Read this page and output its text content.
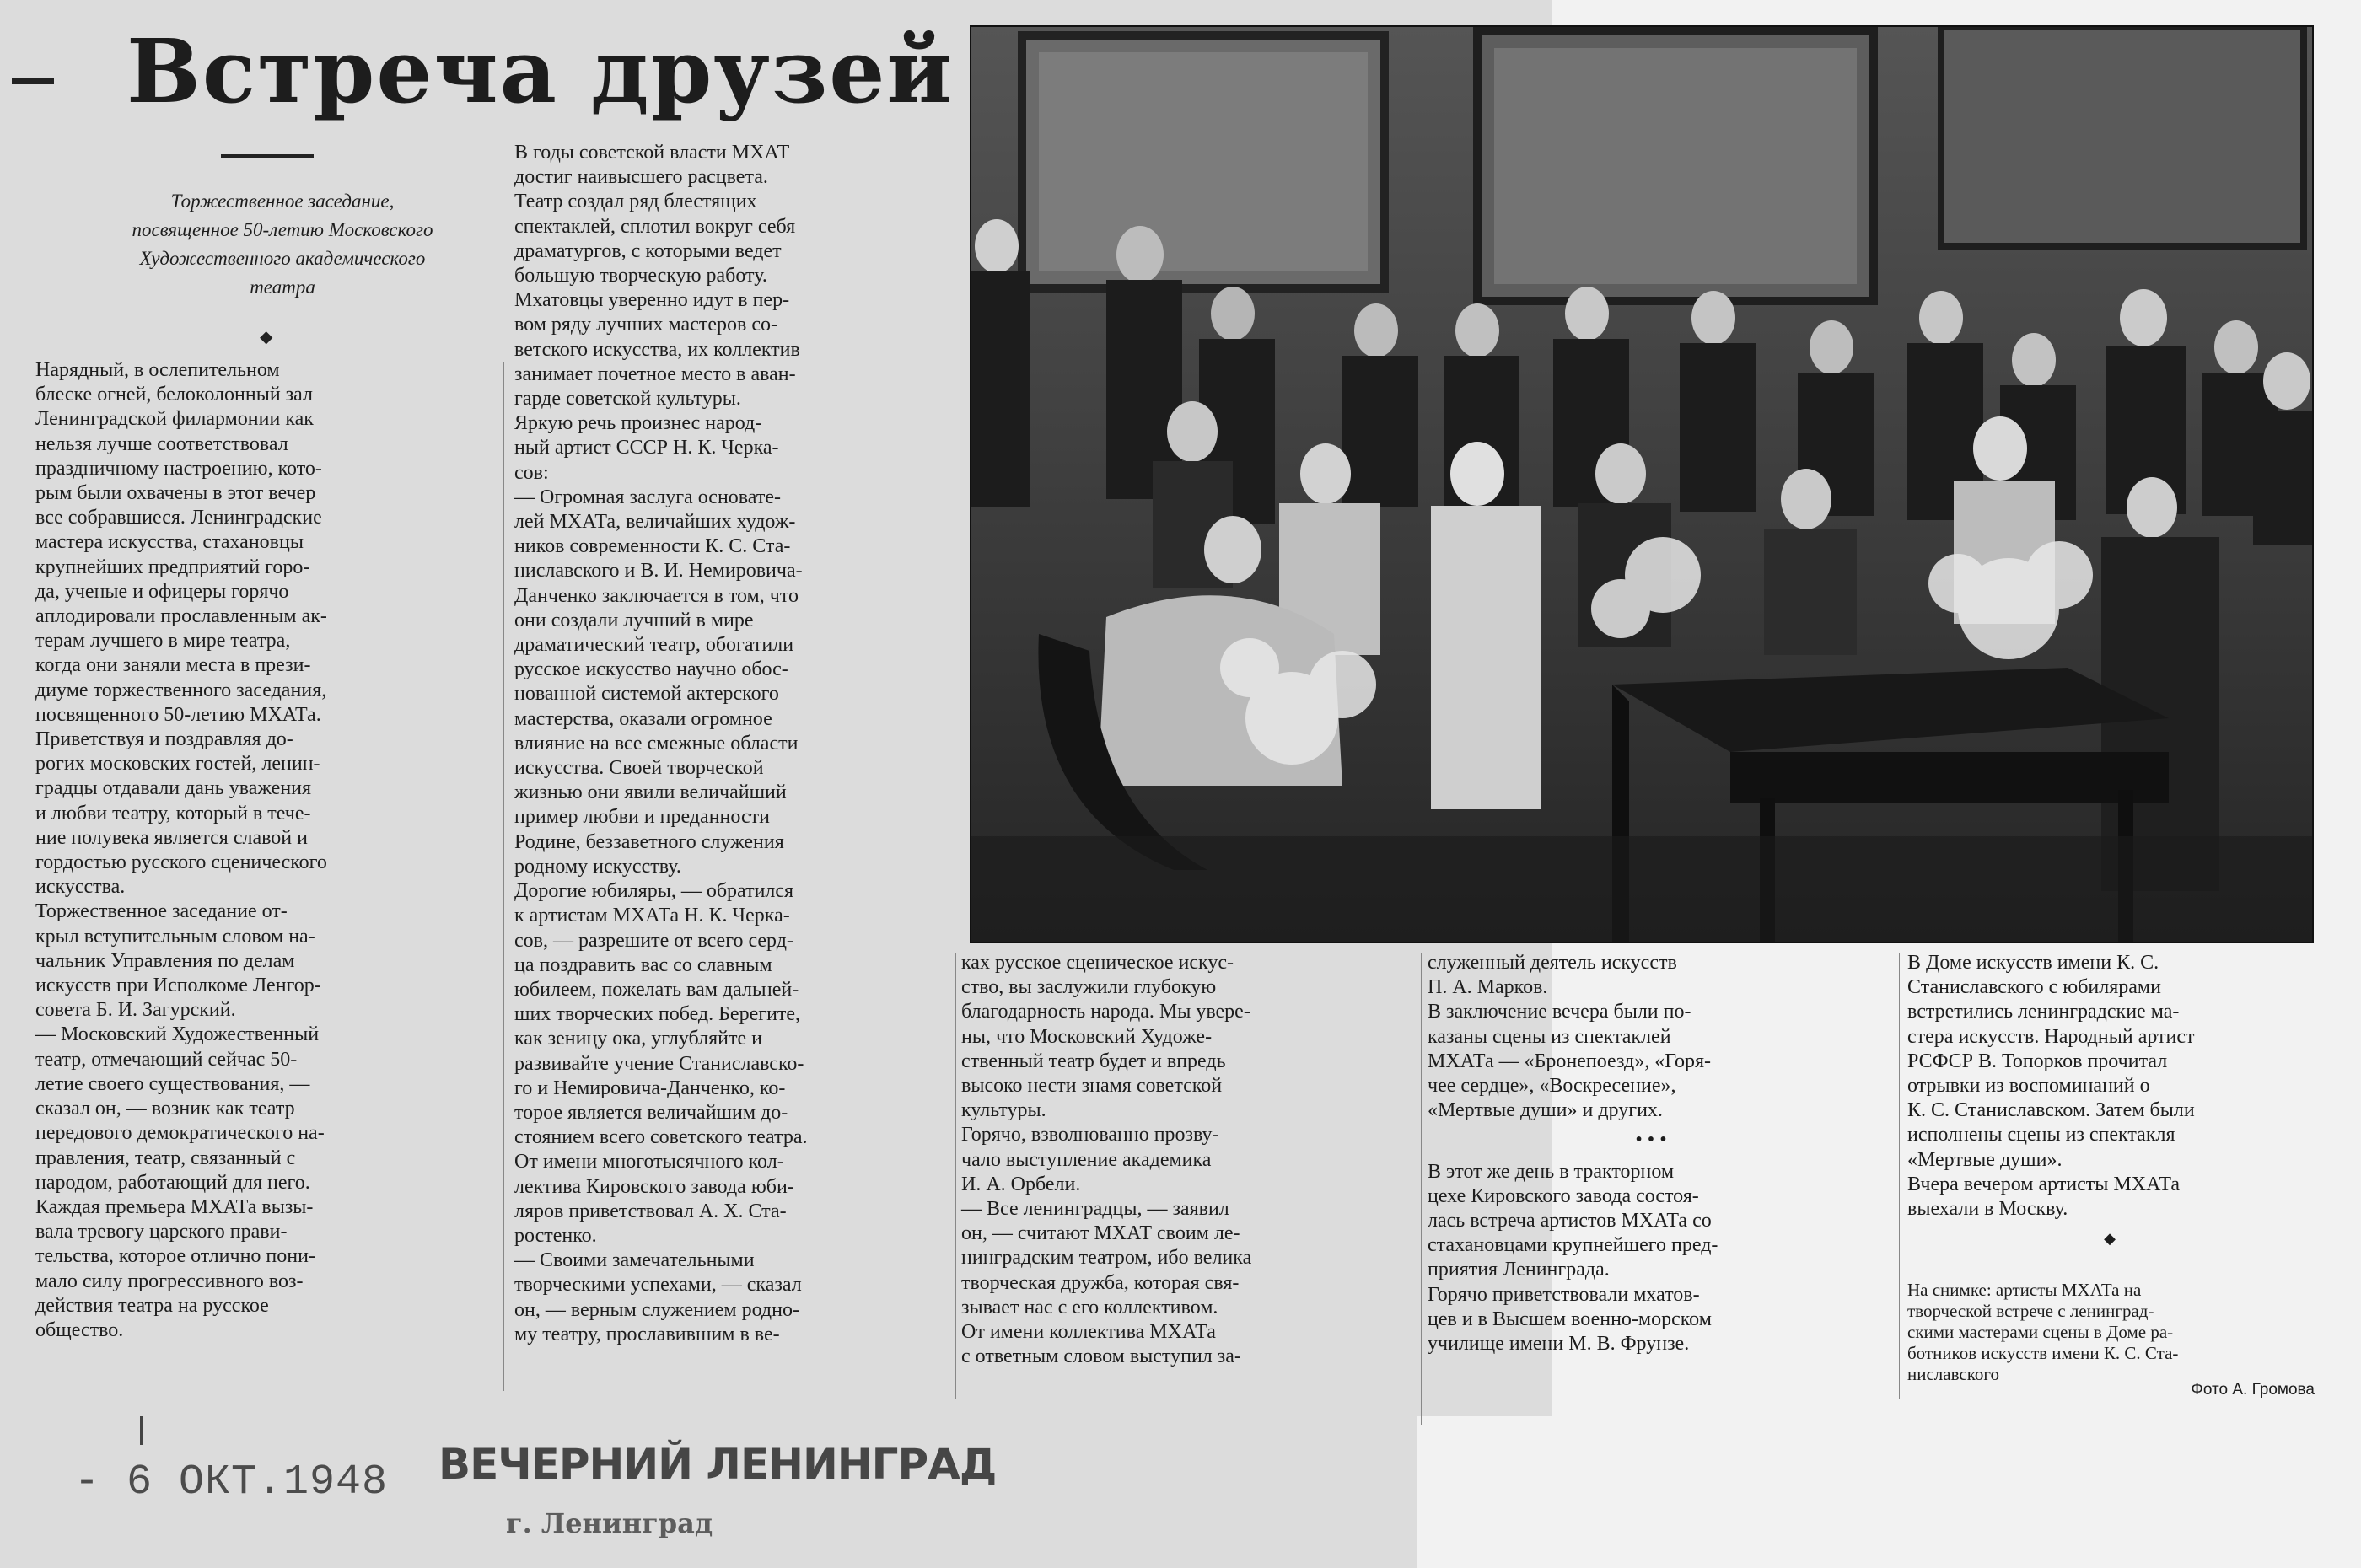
Встреча друзей
Торжественное заседание,
посвященное 50-летию Московского
Художественного академического
театра
◆

Нарядный, в ослепительном
блеске огней, белоколонный зал
Ленинградской филармонии как
нельзя лучше соответствовал
праздничному настроению, кото-
рым были охвачены в этот вечер
все собравшиеся. Ленинградские
мастера искусства, стахановцы
крупнейших предприятий горо-
да, ученые и офицеры горячо
аплодировали прославленным ак-
терам лучшего в мире театра,
когда они заняли места в прези-
диуме торжественного заседания,
посвященного 50-летию МХАТа.

Приветствуя и поздравляя до-
рогих московских гостей, ленин-
градцы отдавали дань уважения
и любви театру, который в тече-
ние полувека является славой и
гордостью русского сценического
искусства.

Торжественное заседание от-
крыл вступительным словом на-
чальник Управления по делам
искусств при Исполкоме Ленгор-
совета Б. И. Загурский.

— Московский Художественный
театр, отмечающий сейчас 50-
летие своего существования, —
сказал он, — возник как театр
передового демократического на-
правления, театр, связанный с
народом, работающий для него.
Каждая премьера МХАТа вызы-
вала тревогу царского прави-
тельства, которое отлично пони-
мало силу прогрессивного воз-
действия театра на русское
общество.

В годы советской власти МХАТ
достиг наивысшего расцвета.
Театр создал ряд блестящих
спектаклей, сплотил вокруг себя
драматургов, с которыми ведет
большую творческую работу.
Мхатовцы уверенно идут в пер-
вом ряду лучших мастеров со-
ветского искусства, их коллектив
занимает почетное место в аван-
гарде советской культуры.

Яркую речь произнес народ-
ный артист СССР Н. К. Черка-
сов:

— Огромная заслуга основате-
лей МХАТа, величайших худож-
ников современности К. С. Ста-
ниславского и В. И. Немировича-
Данченко заключается в том, что
они создали лучший в мире
драматический театр, обогатили
русское искусство научно обос-
нованной системой актерского
мастерства, оказали огромное
влияние на все смежные области
искусства. Своей творческой
жизнью они явили величайший
пример любви и преданности
Родине, беззаветного служения
родному искусству.

Дорогие юбиляры, — обратился
к артистам МХАТа Н. К. Черка-
сов, — разрешите от всего серд-
ца поздравить вас со славным
юбилеем, пожелать вам дальней-
ших творческих побед. Берегите,
как зеницу ока, углубляйте и
развивайте учение Станиславско-
го и Немировича-Данченко, ко-
торое является величайшим до-
стоянием всего советского театра.

От имени многотысячного кол-
лектива Кировского завода юби-
ляров приветствовал А. Х. Ста-
ростенко.

— Своими замечательными
творческими успехами, — сказал
он, — верным служением родно-
му театру, прославившим в ве-

ках русское сценическое искус-
ство, вы заслужили глубокую
благодарность народа. Мы увере-
ны, что Московский Художе-
ственный театр будет и впредь
высоко нести знамя советской
культуры.

Горячо, взволнованно прозву-
чало выступление академика
И. А. Орбели.

— Все ленинградцы, — заявил
он, — считают МХАТ своим ле-
нинградским театром, ибо велика
творческая дружба, которая свя-
зывает нас с его коллективом.

От имени коллектива МХАТа
с ответным словом выступил за-

служенный деятель искусств
П. А. Марков.

В заключение вечера были по-
казаны сцены из спектаклей
МХАТа — «Бронепоезд», «Горя-
чее сердце», «Воскресение»,
«Мертвые души» и других.

• • •

В этот же день в тракторном
цехе Кировского завода состоя-
лась встреча артистов МХАТа со
стахановцами крупнейшего пред-
приятия Ленинграда.

Горячо приветствовали мхатов-
цев и в Высшем военно-морском
училище имени М. В. Фрунзе.

В Доме искусств имени К. С.
Станиславского с юбилярами
встретились ленинградские ма-
стера искусств. Народный артист
РСФСР В. Топорков прочитал
отрывки из воспоминаний о
К. С. Станиславском. Затем были
исполнены сцены из спектакля
«Мертвые души».

Вчера вечером артисты МХАТа
выехали в Москву.

◆
На снимке: артисты МХАТа на
творческой встрече с ленинград-
скими мастерами сцены в Доме ра-
ботников искусств имени К. С. Ста-
ниславского
Фото А. Громова
- 6 ОКТ.1948 ВЕЧЕРНИЙ ЛЕНИНГРАД
г. Ленинград
